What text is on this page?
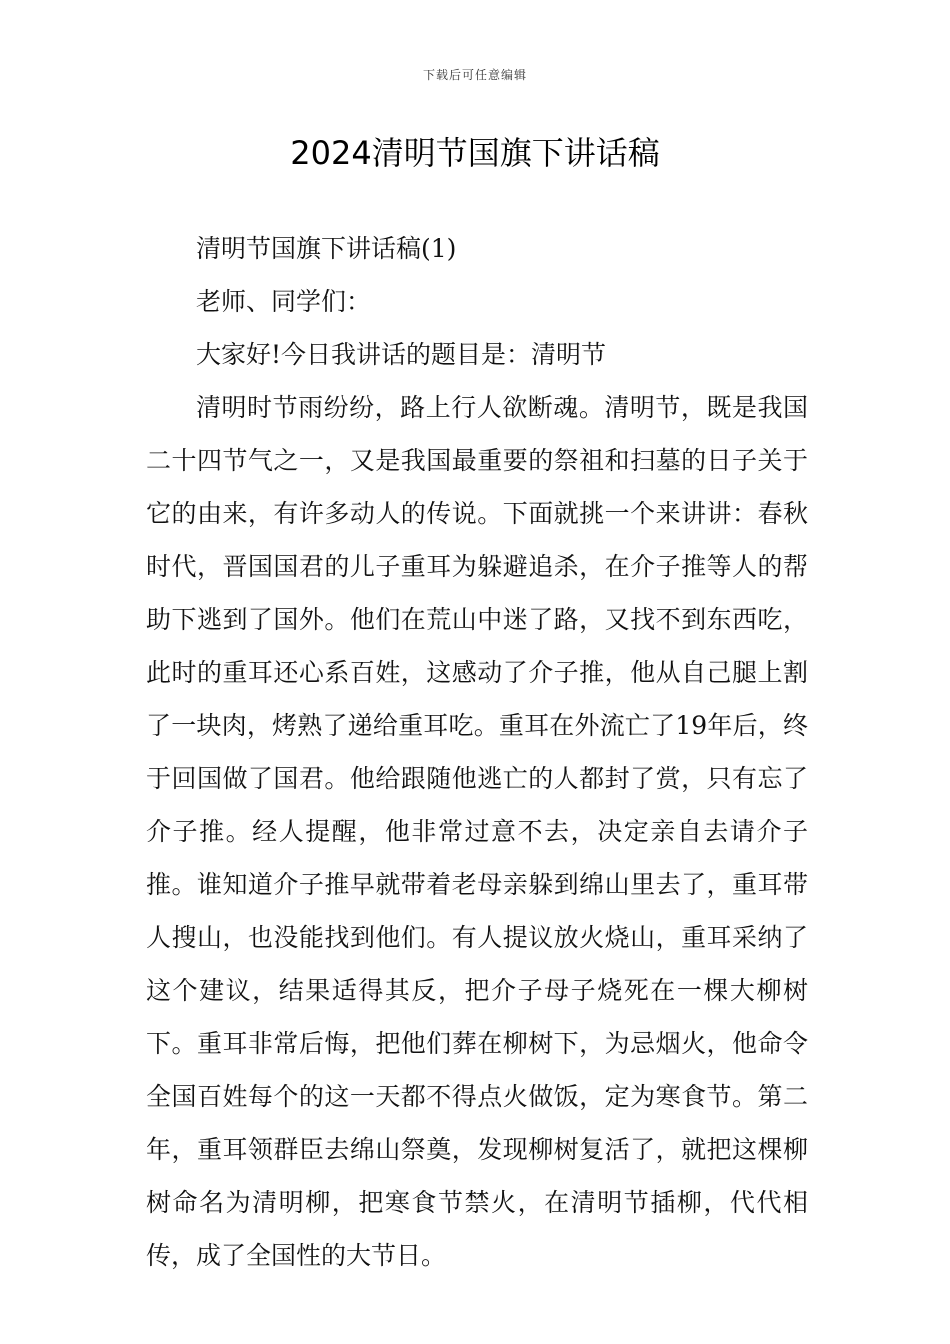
下载后可任意编辑
2024清明节国旗下讲话稿

清明节国旗下讲话稿(1)

老师、同学们：

大家好!今日我讲话的题目是：清明节

清明时节雨纷纷，路上行人欲断魂。清明节，既是我国二十四节气之一，又是我国最重要的祭祖和扫墓的日子关于它的由来，有许多动人的传说。下面就挑一个来讲讲：春秋时代，晋国国君的儿子重耳为躲避追杀，在介子推等人的帮助下逃到了国外。他们在荒山中迷了路，又找不到东西吃，此时的重耳还心系百姓，这感动了介子推，他从自己腿上割了一块肉，烤熟了递给重耳吃。重耳在外流亡了19年后，终于回国做了国君。他给跟随他逃亡的人都封了赏，只有忘了介子推。经人提醒，他非常过意不去，决定亲自去请介子推。谁知道介子推早就带着老母亲躲到绵山里去了，重耳带人搜山，也没能找到他们。有人提议放火烧山，重耳采纳了这个建议，结果适得其反，把介子母子烧死在一棵大柳树下。重耳非常后悔，把他们葬在柳树下，为忌烟火，他命令全国百姓每个的这一天都不得点火做饭，定为寒食节。第二年，重耳领群臣去绵山祭奠，发现柳树复活了，就把这棵柳树命名为清明柳，把寒食节禁火，在清明节插柳，代代相传，成了全国性的大节日。
